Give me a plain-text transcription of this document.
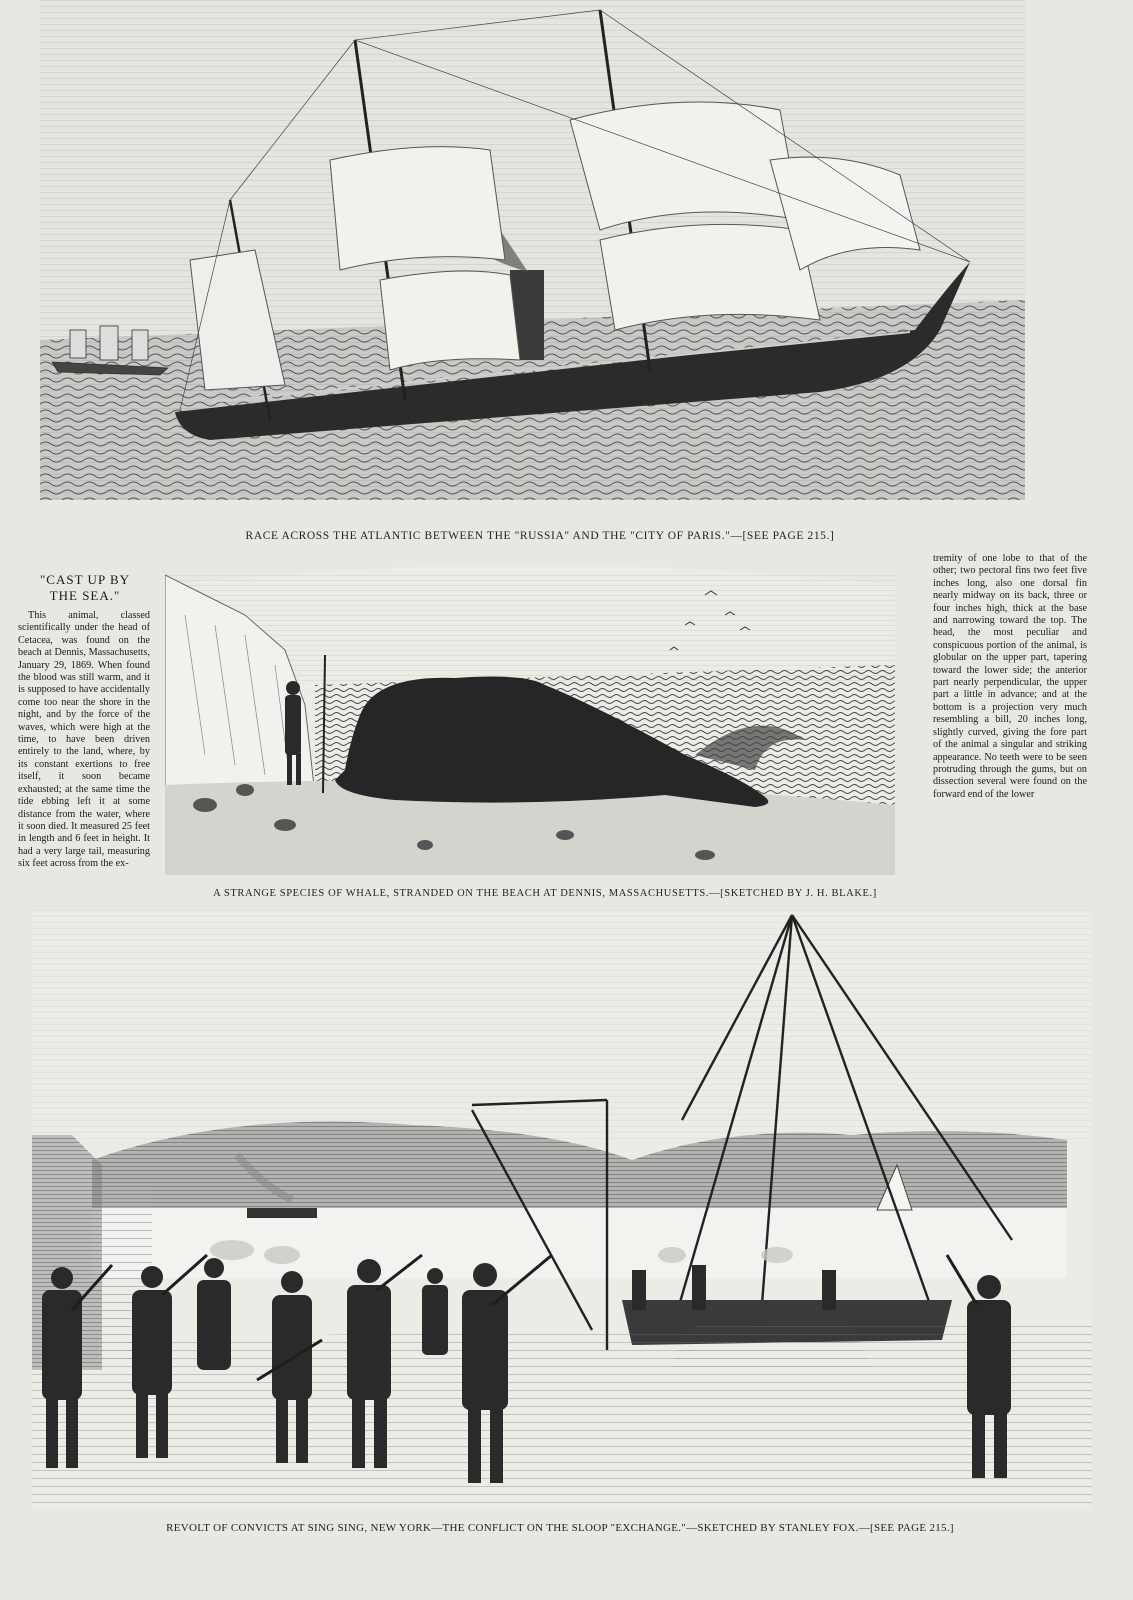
RACE ACROSS THE ATLANTIC BETWEEN THE "RUSSIA" AND THE "CITY OF PARIS."—[SEE PAGE 215.]
"CAST UP BY
THE SEA."

This animal, classed scientifically under the head of Cetacea, was found on the beach at Dennis, Massachusetts, January 29, 1869. When found the blood was still warm, and it is supposed to have accidentally come too near the shore in the night, and by the force of the waves, which were high at the time, to have been driven entirely to the land, where, by its constant exertions to free itself, it soon became exhausted; at the same time the tide ebbing left it at some distance from the water, where it soon died. It measured 25 feet in length and 6 feet in height. It had a very large tail, measuring six feet across from the ex-

A STRANGE SPECIES OF WHALE, STRANDED ON THE BEACH AT DENNIS, MASSACHUSETTS.—[SKETCHED BY J. H. BLAKE.]

tremity of one lobe to that of the other; two pectoral fins two feet five inches long, also one dorsal fin nearly midway on its back, three or four inches high, thick at the base and narrowing toward the top. The head, the most peculiar and conspicuous portion of the animal, is globular on the upper part, tapering toward the lower side; the anterior part nearly perpendicular, the upper part a little in advance; and at the bottom is a projection very much resembling a bill, 20 inches long, slightly curved, giving the fore part of the animal a singular and striking appearance. No teeth were to be seen protruding through the gums, but on dissection several were found on the forward end of the lower

REVOLT OF CONVICTS AT SING SING, NEW YORK—THE CONFLICT ON THE SLOOP "EXCHANGE."—SKETCHED BY STANLEY FOX.—[SEE PAGE 215.]
